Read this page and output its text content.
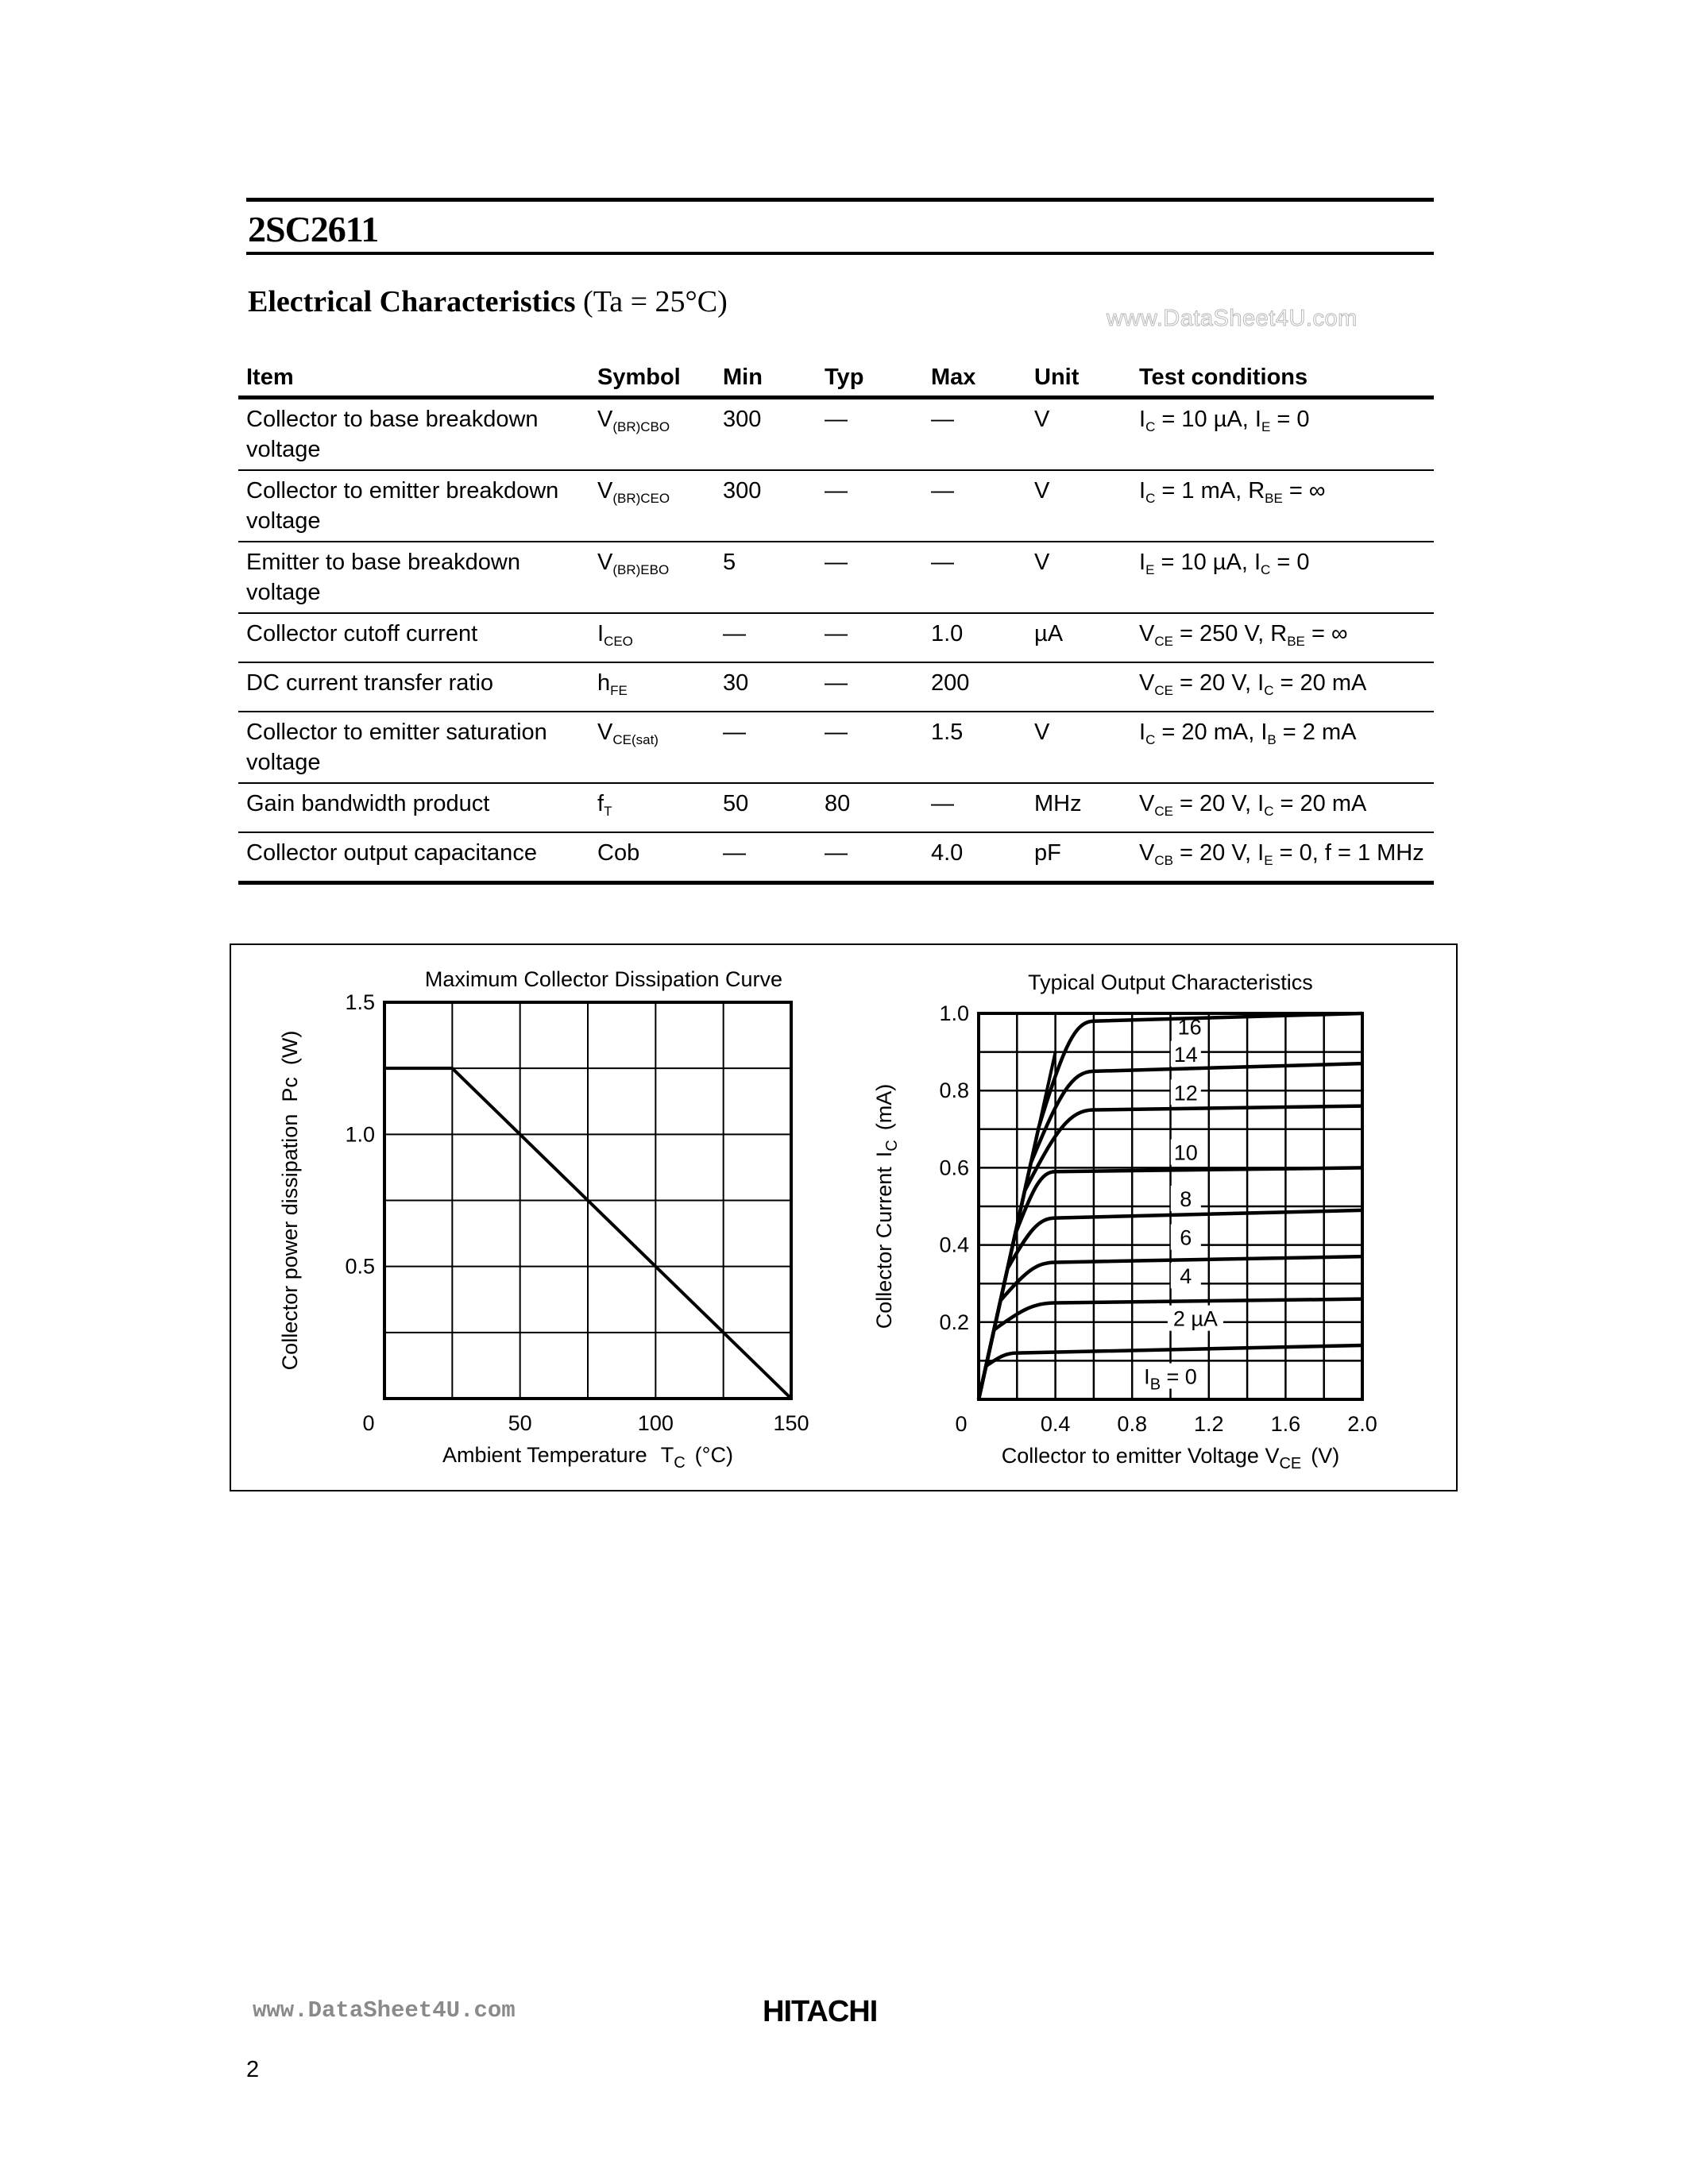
2SC2611
Electrical Characteristics (Ta = 25°C)	www.DataSheet4U.com
Item	Symbol	Min	Typ	Max	Unit	Test conditions
Collector to base breakdown voltage	$V_{(BR)CBO}$	300	—	—	V	$I_C = 10$ µA, $I_E = 0$
Collector to emitter breakdown voltage	$V_{(BR)CEO}$	300	—	—	V	$I_C = 1$ mA, $R_{BE}$ = ∞
Emitter to base breakdown voltage	$V_{(BR)EBO}$	5	—	—	V	$I_E = 10$ µA, $I_C = 0$
Collector cutoff current	$I_{CEO}$	—	—	1.0	µA	$V_{CE} = 250$ V, $R_{BE}$ = ∞
DC current transfer ratio	$h_{FE}$	30	—	200		$V_{CE} = 20$ V, $I_C = 20$ mA
Collector to emitter saturation voltage	$V_{CE(sat)}$	—	—	1.5	V	$I_C = 20$ mA, $I_B = 2$ mA
Gain bandwidth product	$f_T$	50	80	—	MHz	$V_{CE} = 20$ V, $I_C = 20$ mA
Collector output capacitance	Cob	—	—	4.0	pF	$V_{CB} = 20$ V, $I_E = 0$, f = 1 MHz
Maximum Collector Dissipation Curve
0.5
1.0
1.5
0	50	100	150
Ambient Temperature $T_C$ (°C)
Collector power dissipation  Pc  (W)
16
14
12
10
8
6
4
2 µA
$I_B = 0$
Typical Output Characteristics
0.2
0.4
0.6
0.8
1.0
0	0.4 0.8 1.2 1.6 2.0
Collector to emitter Voltage $V_{CE}$ (V)
Collector CurrentI$_C$(mA)
www.DataSheet4U.com	HITACHI
2
